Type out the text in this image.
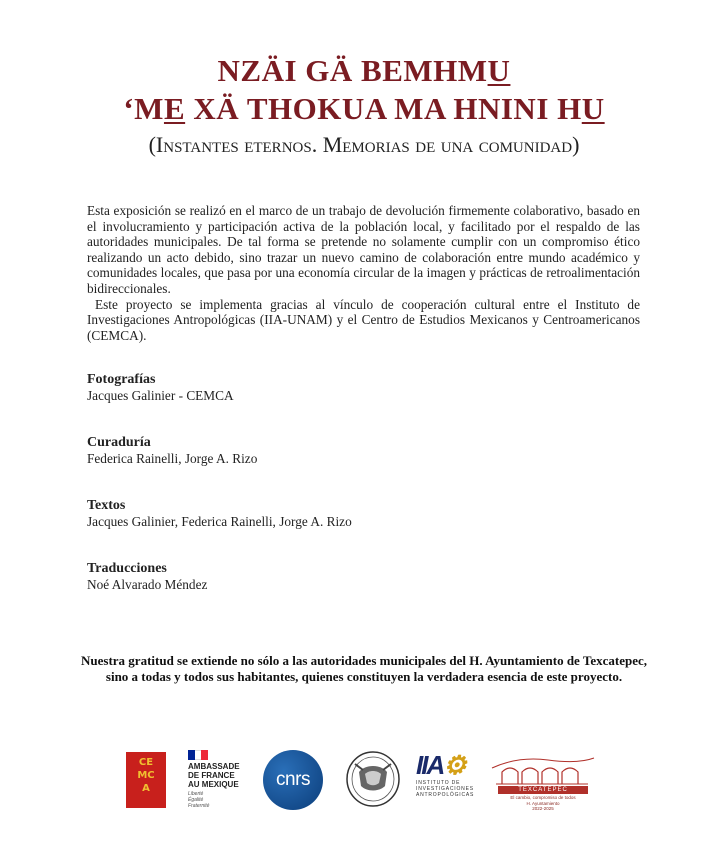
NZÄI GÄ BEMHMU
‘ME XÄ THOKUA MA HNINI HU
(Instantes eternos. Memorias de una comunidad)

Esta exposición se realizó en el marco de un trabajo de devolución firmemente colaborativo, basado en el involucramiento y participación activa de la población local, y facilitado por el respaldo de las autoridades municipales. De tal forma se pretende no solamente cumplir con un compromiso ético realizando un acto debido, sino trazar un nuevo camino de colaboración entre mundo académico y comunidades locales, que pasa por una economía circular de la imagen y prácticas de retroalimentación bidireccionales.

Este proyecto se implementa gracias al vínculo de cooperación cultural entre el Instituto de Investigaciones Antropológicas (IIA-UNAM) y el Centro de Estudios Mexicanos y Centroamericanos (CEMCA).

Fotografías
Jacques Galinier - CEMCA
Curaduría
Federica Rainelli, Jorge A. Rizo
Textos
Jacques Galinier, Federica Rainelli, Jorge A. Rizo
Traducciones
Noé Alvarado Méndez
Nuestra gratitud se extiende no sólo a las autoridades municipales del H. Ayuntamiento de Texcatepec,
sino a todas y todos sus habitantes, quienes constituyen la verdadera esencia de este proyecto.
CE
MC
A
AMBASSADE
DE FRANCE
AU MEXIQUE
Liberté
Égalité
Fraternité
cnrs	IIA⚙
INSTITUTO DE
INVESTIGACIONES
ANTROPOLÓGICAS
TEXCATEPEC
El cambio, compromiso de todos
H. Ayuntamiento
2022-2025
